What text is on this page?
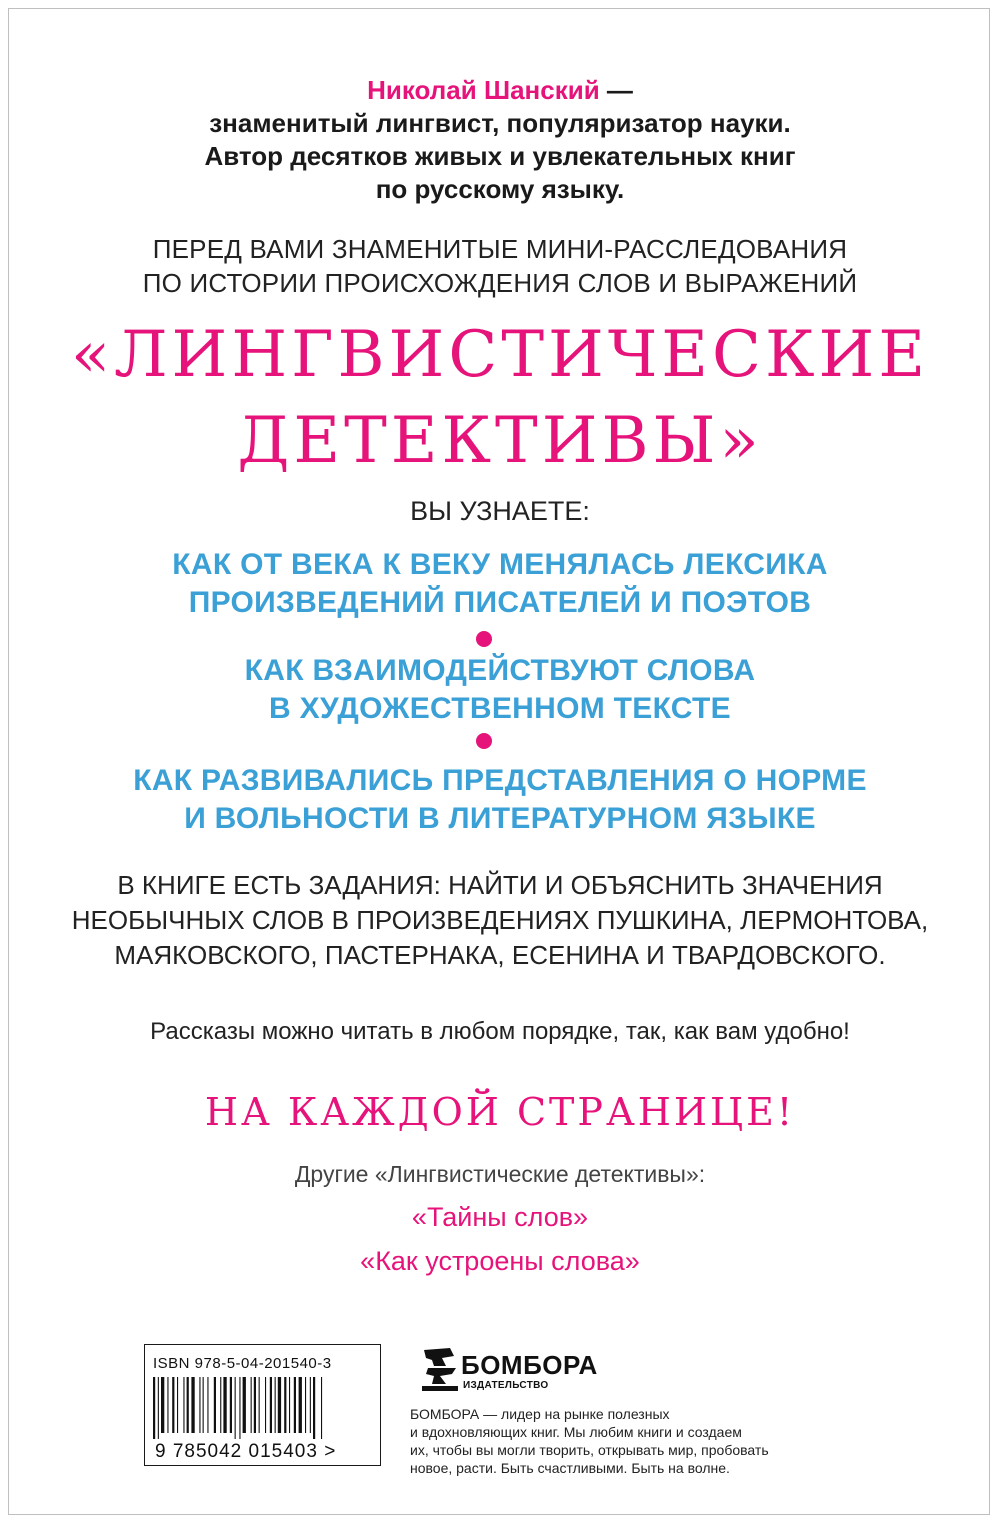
Николай Шанский —
знаменитый лингвист, популяризатор науки.
Автор десятков живых и увлекательных книг
по русскому языку.
ПЕРЕД ВАМИ ЗНАМЕНИТЫЕ МИНИ-РАССЛЕДОВАНИЯ
ПО ИСТОРИИ ПРОИСХОЖДЕНИЯ СЛОВ И ВЫРАЖЕНИЙ
«ЛИНГВИСТИЧЕСКИЕ
ДЕТЕКТИВЫ»
ВЫ УЗНАЕТЕ:
КАК ОТ ВЕКА К ВЕКУ МЕНЯЛАСЬ ЛЕКСИКА
ПРОИЗВЕДЕНИЙ ПИСАТЕЛЕЙ И ПОЭТОВ
КАК ВЗАИМОДЕЙСТВУЮТ СЛОВА
В ХУДОЖЕСТВЕННОМ ТЕКСТЕ
КАК РАЗВИВАЛИСЬ ПРЕДСТАВЛЕНИЯ О НОРМЕ
И ВОЛЬНОСТИ В ЛИТЕРАТУРНОМ ЯЗЫКЕ
В КНИГЕ ЕСТЬ ЗАДАНИЯ: НАЙТИ И ОБЪЯСНИТЬ ЗНАЧЕНИЯ
НЕОБЫЧНЫХ СЛОВ В ПРОИЗВЕДЕНИЯХ ПУШКИНА, ЛЕРМОНТОВА,
МАЯКОВСКОГО, ПАСТЕРНАКА, ЕСЕНИНА И ТВАРДОВСКОГО.
Рассказы можно читать в любом порядке, так, как вам удобно!
НА КАЖДОЙ СТРАНИЦЕ!
Другие «Лингвистические детективы»:
«Тайны слов»
«Как устроены слова»
ISBN 978-5-04-201540-3
9 785042 015403 >
БОМБОРА
ИЗДАТЕЛЬСТВО
БОМБОРА — лидер на рынке полезных
и вдохновляющих книг. Мы любим книги и создаем
их, чтобы вы могли творить, открывать мир, пробовать
новое, расти. Быть счастливыми. Быть на волне.
